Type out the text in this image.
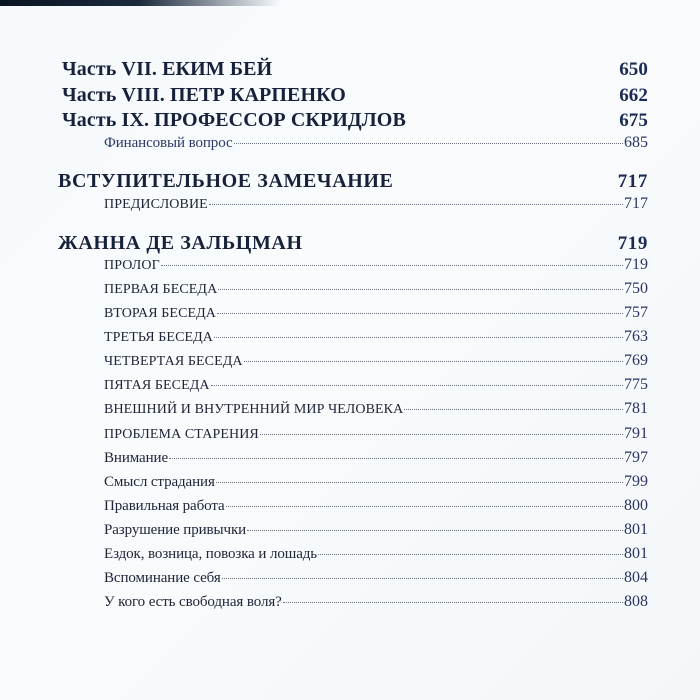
Часть VII. ЕКИМ БЕЙ	650
Часть VIII. ПЕТР КАРПЕНКО	662
Часть IX. ПРОФЕССОР СКРИДЛОВ	675
Финансовый вопрос	685
ВСТУПИТЕЛЬНОЕ ЗАМЕЧАНИЕ	717
ПРЕДИСЛОВИЕ	717
ЖАННА ДЕ ЗАЛЬЦМАН	719
ПРОЛОГ	719
ПЕРВАЯ БЕСЕДА	750
ВТОРАЯ БЕСЕДА	757
ТРЕТЬЯ БЕСЕДА	763
ЧЕТВЕРТАЯ БЕСЕДА	769
ПЯТАЯ БЕСЕДА	775
ВНЕШНИЙ И ВНУТРЕННИЙ МИР ЧЕЛОВЕКА	781
ПРОБЛЕМА СТАРЕНИЯ	791
Внимание	797
Смысл страдания	799
Правильная работа	800
Разрушение привычки	801
Ездок, возница, повозка и лошадь	801
Вспоминание себя	804
У кого есть свободная воля?	808
